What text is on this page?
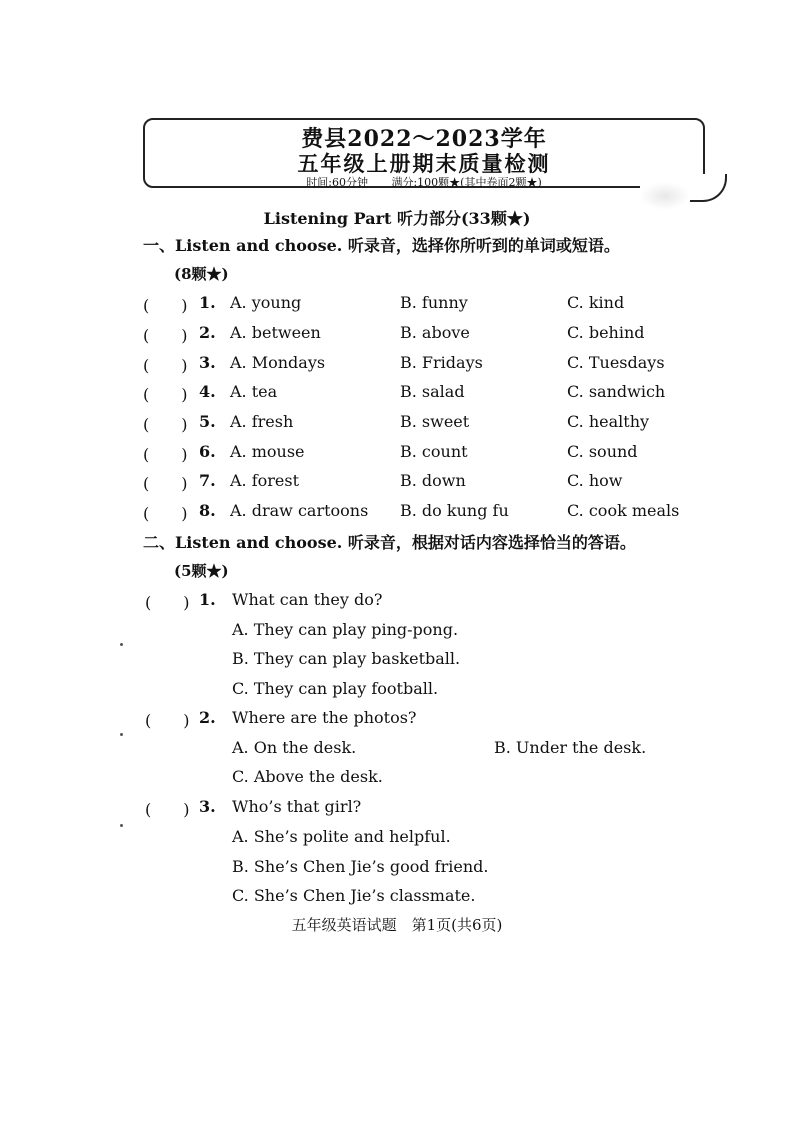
费县2022～2023学年
五年级上册期末质量检测
时间:60分钟 满分:100颗★(其中卷面2颗★)
Listening Part 听力部分(33颗★)
一、Listen and choose. 听录音，选择你所听到的单词或短语。
(8颗★)
(　　) 1. A. young	B. funny	C. kind
(　　) 2. A. between	B. above	C. behind
(　　) 3. A. Mondays	B. Fridays	C. Tuesdays
(　　) 4. A. tea	B. salad	C. sandwich
(　　) 5. A. fresh	B. sweet	C. healthy
(　　) 6. A. mouse	B. count	C. sound
(　　) 7. A. forest	B. down	C. how
(　　) 8. A. draw cartoons B. do kung fu	C. cook meals
二、Listen and choose. 听录音，根据对话内容选择恰当的答语。
(5颗★)
(　　) 1. What can they do?
A. They can play ping-pong.
B. They can play basketball.
C. They can play football.
(　　) 2. Where are the photos?
A. On the desk.	B. Under the desk.
C. Above the desk.
(　　) 3. Who’s that girl?
A. She’s polite and helpful.
B. She’s Chen Jie’s good friend.
C. She’s Chen Jie’s classmate.
五年级英语试题　第1页(共6页)
